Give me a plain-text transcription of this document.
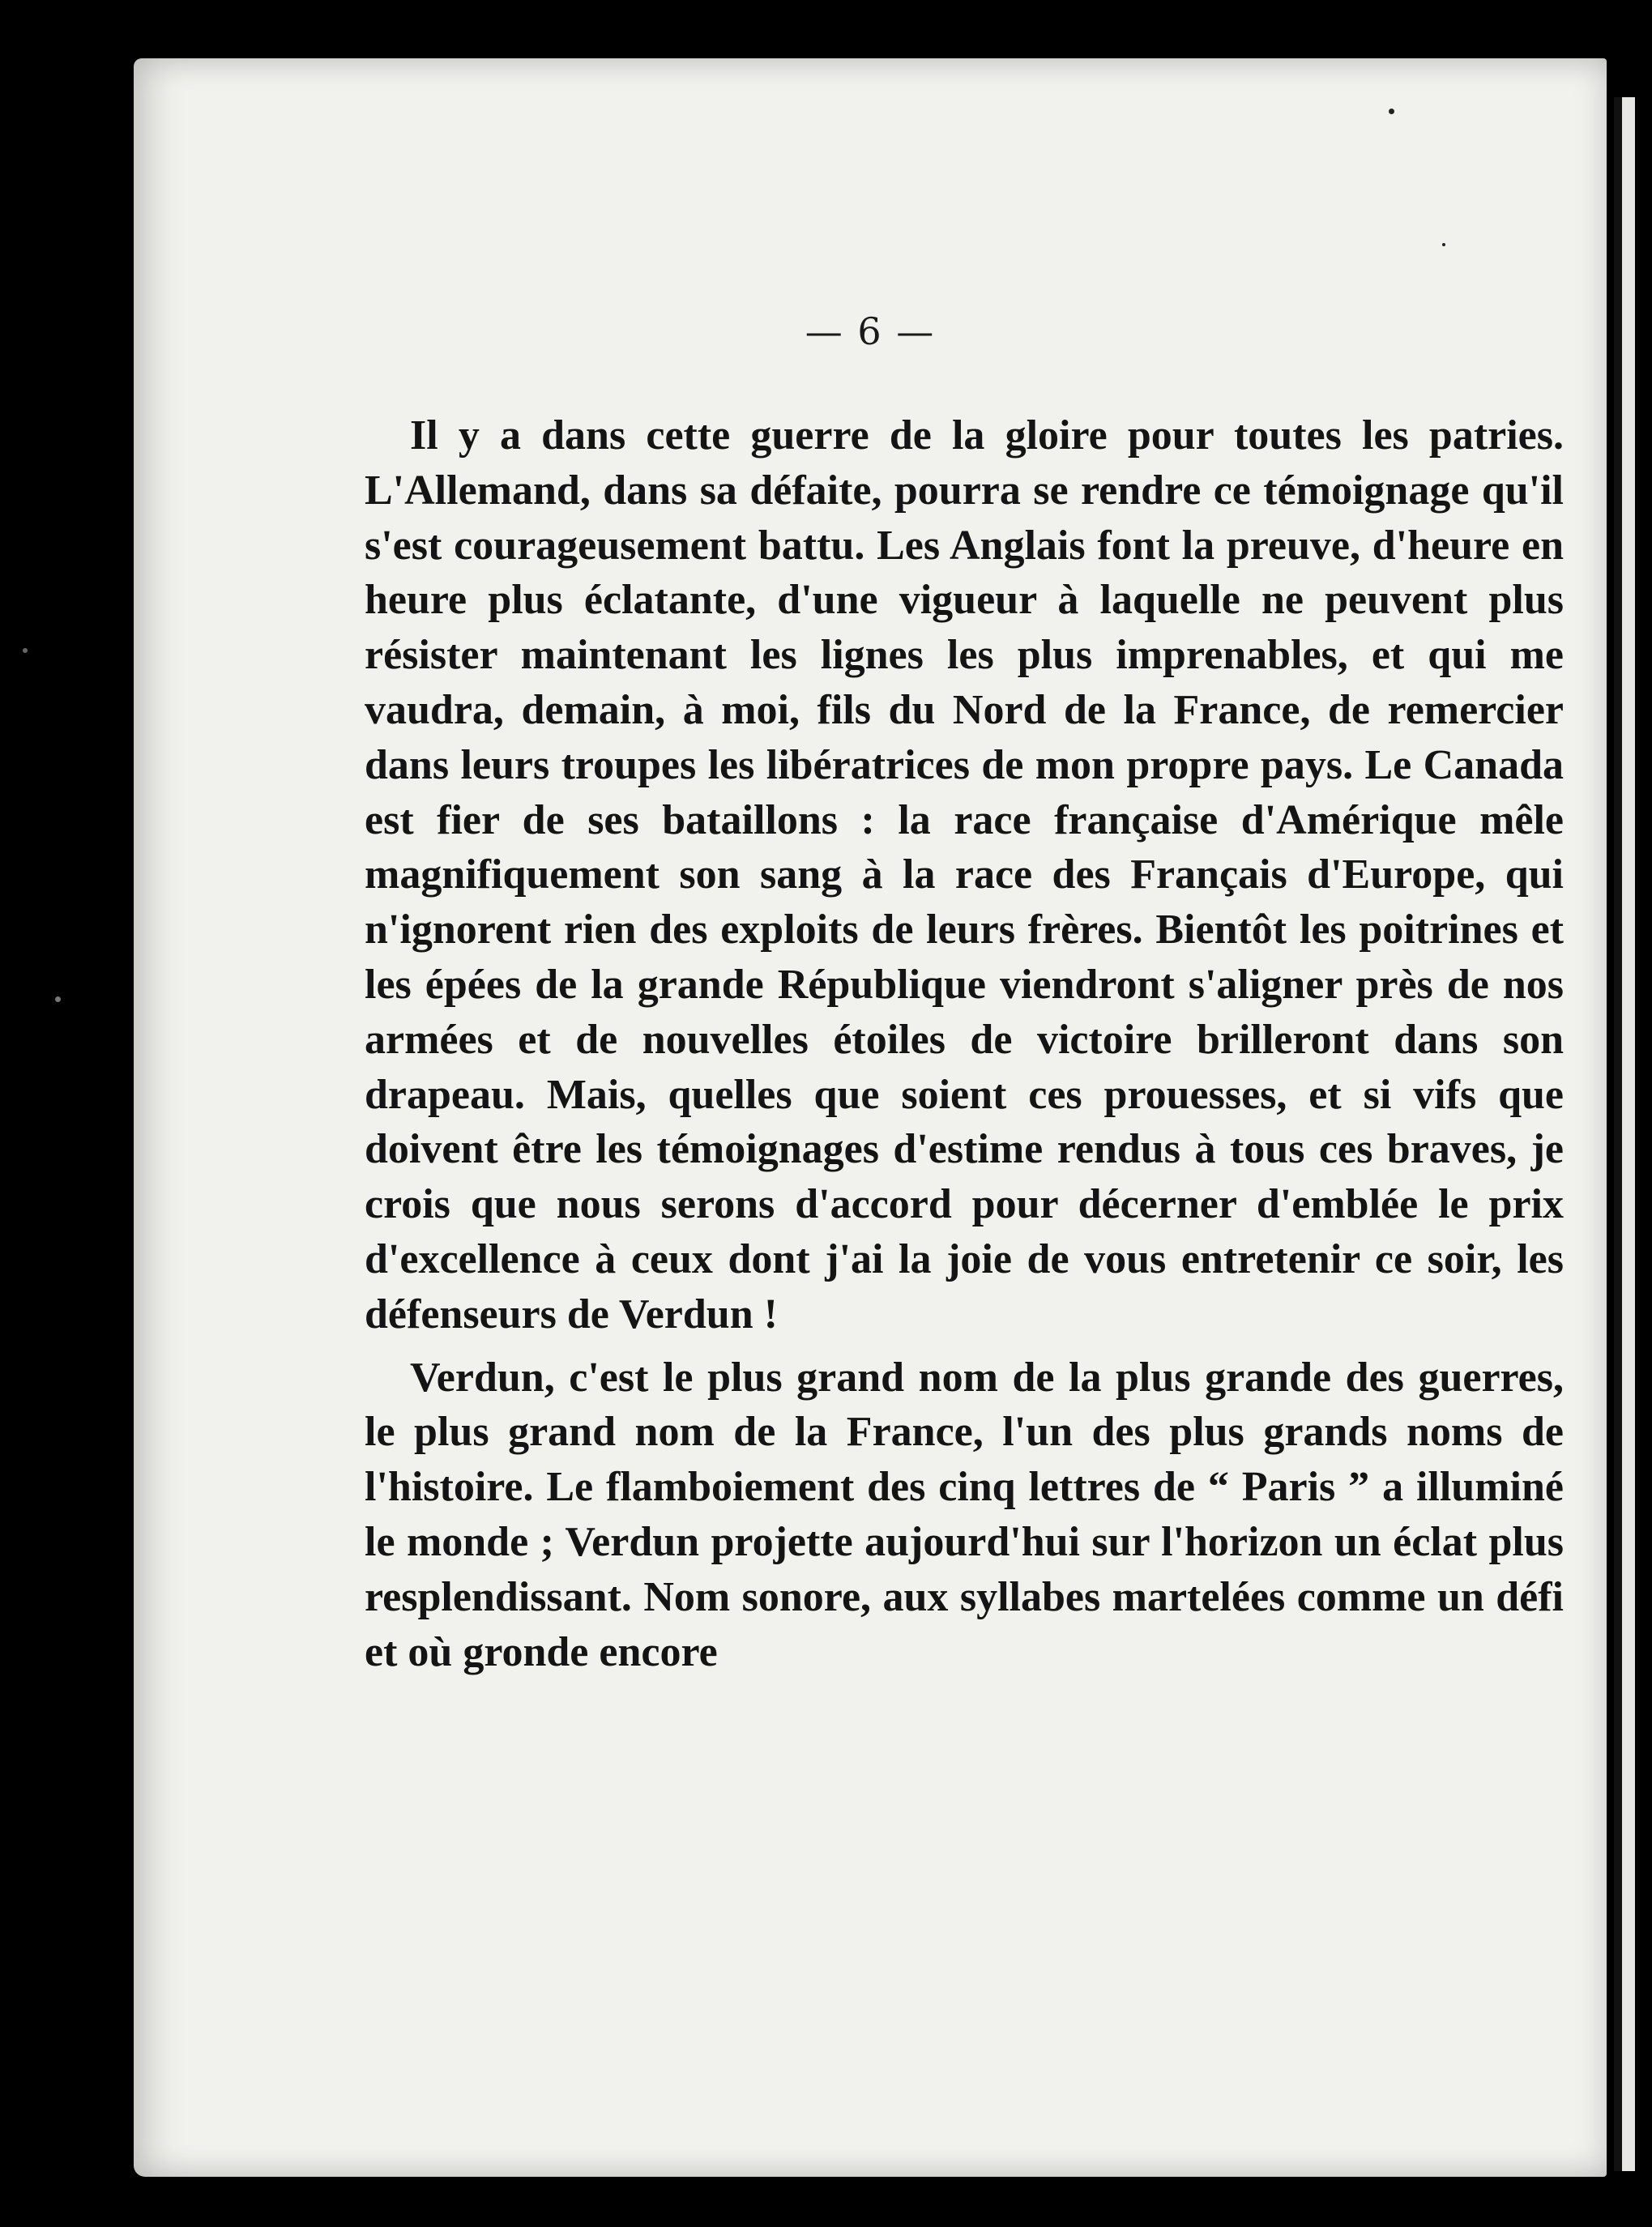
— 6 —

Il y a dans cette guerre de la gloire pour toutes les patries. L'Allemand, dans sa défaite, pourra se rendre ce témoignage qu'il s'est courageusement battu. Les Anglais font la preuve, d'heure en heure plus éclatante, d'une vigueur à laquelle ne peuvent plus résister maintenant les lignes les plus imprenables, et qui me vaudra, demain, à moi, fils du Nord de la France, de remercier dans leurs troupes les libératrices de mon propre pays. Le Canada est fier de ses bataillons : la race française d'Amérique mêle magnifiquement son sang à la race des Français d'Europe, qui n'ignorent rien des exploits de leurs frères. Bientôt les poitrines et les épées de la grande République viendront s'aligner près de nos armées et de nouvelles étoiles de victoire brilleront dans son drapeau. Mais, quelles que soient ces prouesses, et si vifs que doivent être les témoignages d'estime rendus à tous ces braves, je crois que nous serons d'accord pour décerner d'emblée le prix d'excellence à ceux dont j'ai la joie de vous entretenir ce soir, les défenseurs de Verdun !

Verdun, c'est le plus grand nom de la plus grande des guerres, le plus grand nom de la France, l'un des plus grands noms de l'histoire. Le flamboiement des cinq lettres de “ Paris ” a illuminé le monde ; Verdun projette aujourd'hui sur l'horizon un éclat plus resplendissant. Nom sonore, aux syllabes martelées comme un défi et où gronde encore
